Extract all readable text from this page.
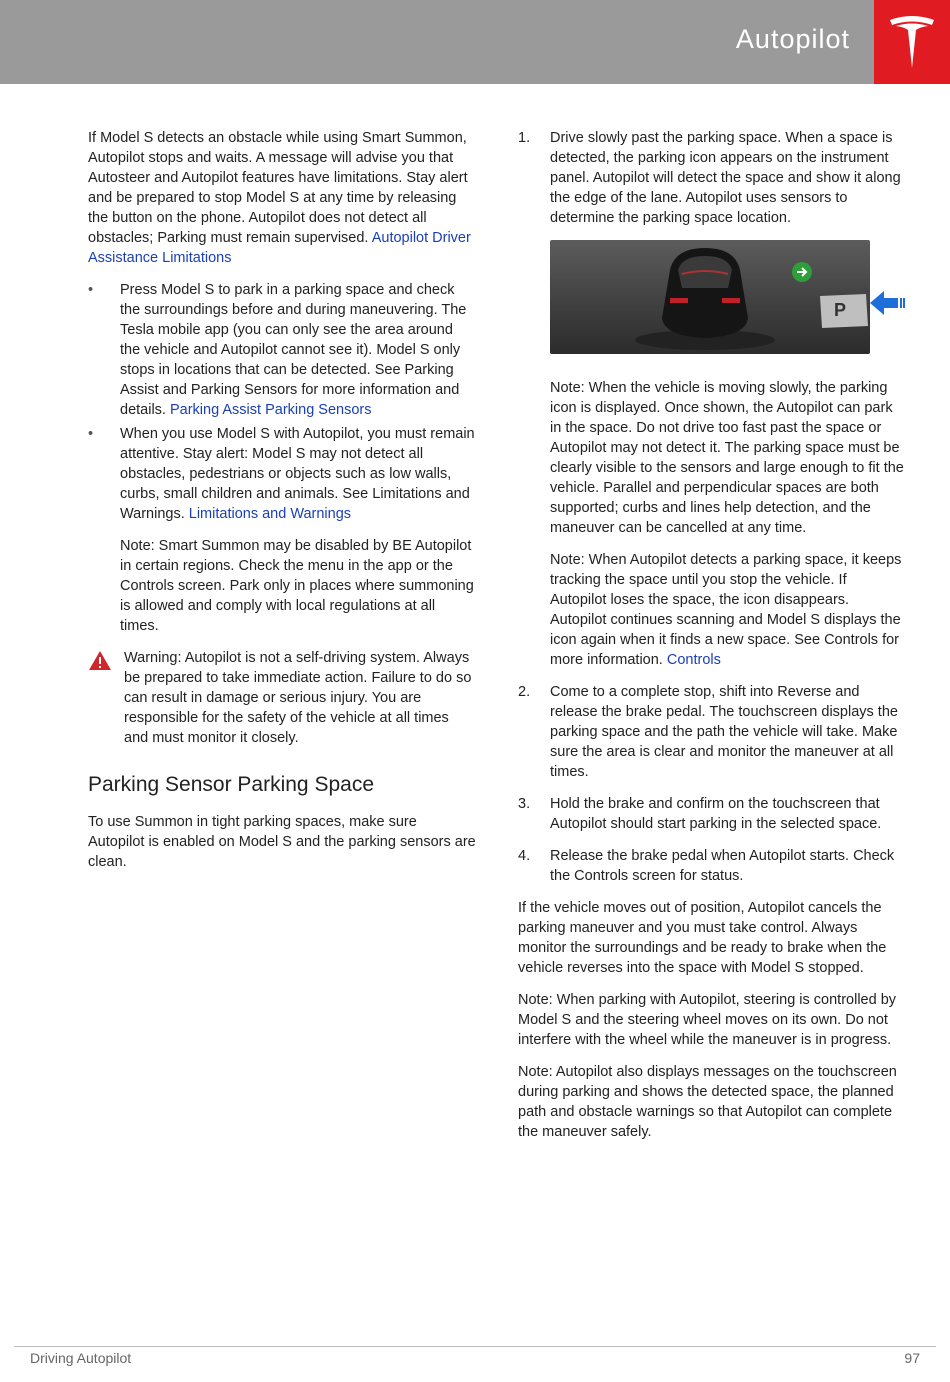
Autopilot

If Model S detects an obstacle while using Smart Summon, Autopilot stops and waits. A message will advise you that Autosteer and Autopilot features have limitations. Stay alert and be prepared to stop Model S at any time by releasing the button on the phone. Autopilot does not detect all obstacles; Parking must remain supervised. Autopilot Driver Assistance Limitations

• Press Model S to park in a parking space and check the surroundings before and during maneuvering. The Tesla mobile app (you can only see the area around the vehicle and Autopilot cannot see it). Model S only stops in locations that can be detected. See Parking Assist and Parking Sensors for more information and details. Parking Assist Parking Sensors
• When you use Model S with Autopilot, you must remain attentive. Stay alert: Model S may not detect all obstacles, pedestrians or objects such as low walls, curbs, small children and animals. See Limitations and Warnings. Limitations and Warnings

Note: Smart Summon may be disabled by BE Autopilot in certain regions. Check the menu in the app or the Controls screen. Park only in places where summoning is allowed and comply with local regulations at all times.

Warning: Autopilot is not a self-driving system. Always be prepared to take immediate action. Failure to do so can result in damage or serious injury. You are responsible for the safety of the vehicle at all times and must monitor it closely.
Parking Sensor Parking Space

To use Summon in tight parking spaces, make sure Autopilot is enabled on Model S and the parking sensors are clean.

1. Drive slowly past the parking space. When a space is detected, the parking icon appears on the instrument panel. Autopilot will detect the space and show it along the edge of the lane. Autopilot uses sensors to determine the parking space location.
P

Note: When the vehicle is moving slowly, the parking icon is displayed. Once shown, the Autopilot can park in the space. Do not drive too fast past the space or Autopilot may not detect it. The parking space must be clearly visible to the sensors and large enough to fit the vehicle. Parallel and perpendicular spaces are both supported; curbs and lines help detection, and the maneuver can be cancelled at any time.

Note: When Autopilot detects a parking space, it keeps tracking the space until you stop the vehicle. If Autopilot loses the space, the icon disappears. Autopilot continues scanning and Model S displays the icon again when it finds a new space. See Controls for more information. Controls

2. Come to a complete stop, shift into Reverse and release the brake pedal. The touchscreen displays the parking space and the path the vehicle will take. Make sure the area is clear and monitor the maneuver at all times.
3. Hold the brake and confirm on the touchscreen that Autopilot should start parking in the selected space.
4. Release the brake pedal when Autopilot starts. Check the Controls screen for status.

If the vehicle moves out of position, Autopilot cancels the parking maneuver and you must take control. Always monitor the surroundings and be ready to brake when the vehicle reverses into the space with Model S stopped.

Note: When parking with Autopilot, steering is controlled by Model S and the steering wheel moves on its own. Do not interfere with the wheel while the maneuver is in progress.

Note: Autopilot also displays messages on the touchscreen during parking and shows the detected space, the planned path and obstacle warnings so that Autopilot can complete the maneuver safely.

Driving Autopilot	97
